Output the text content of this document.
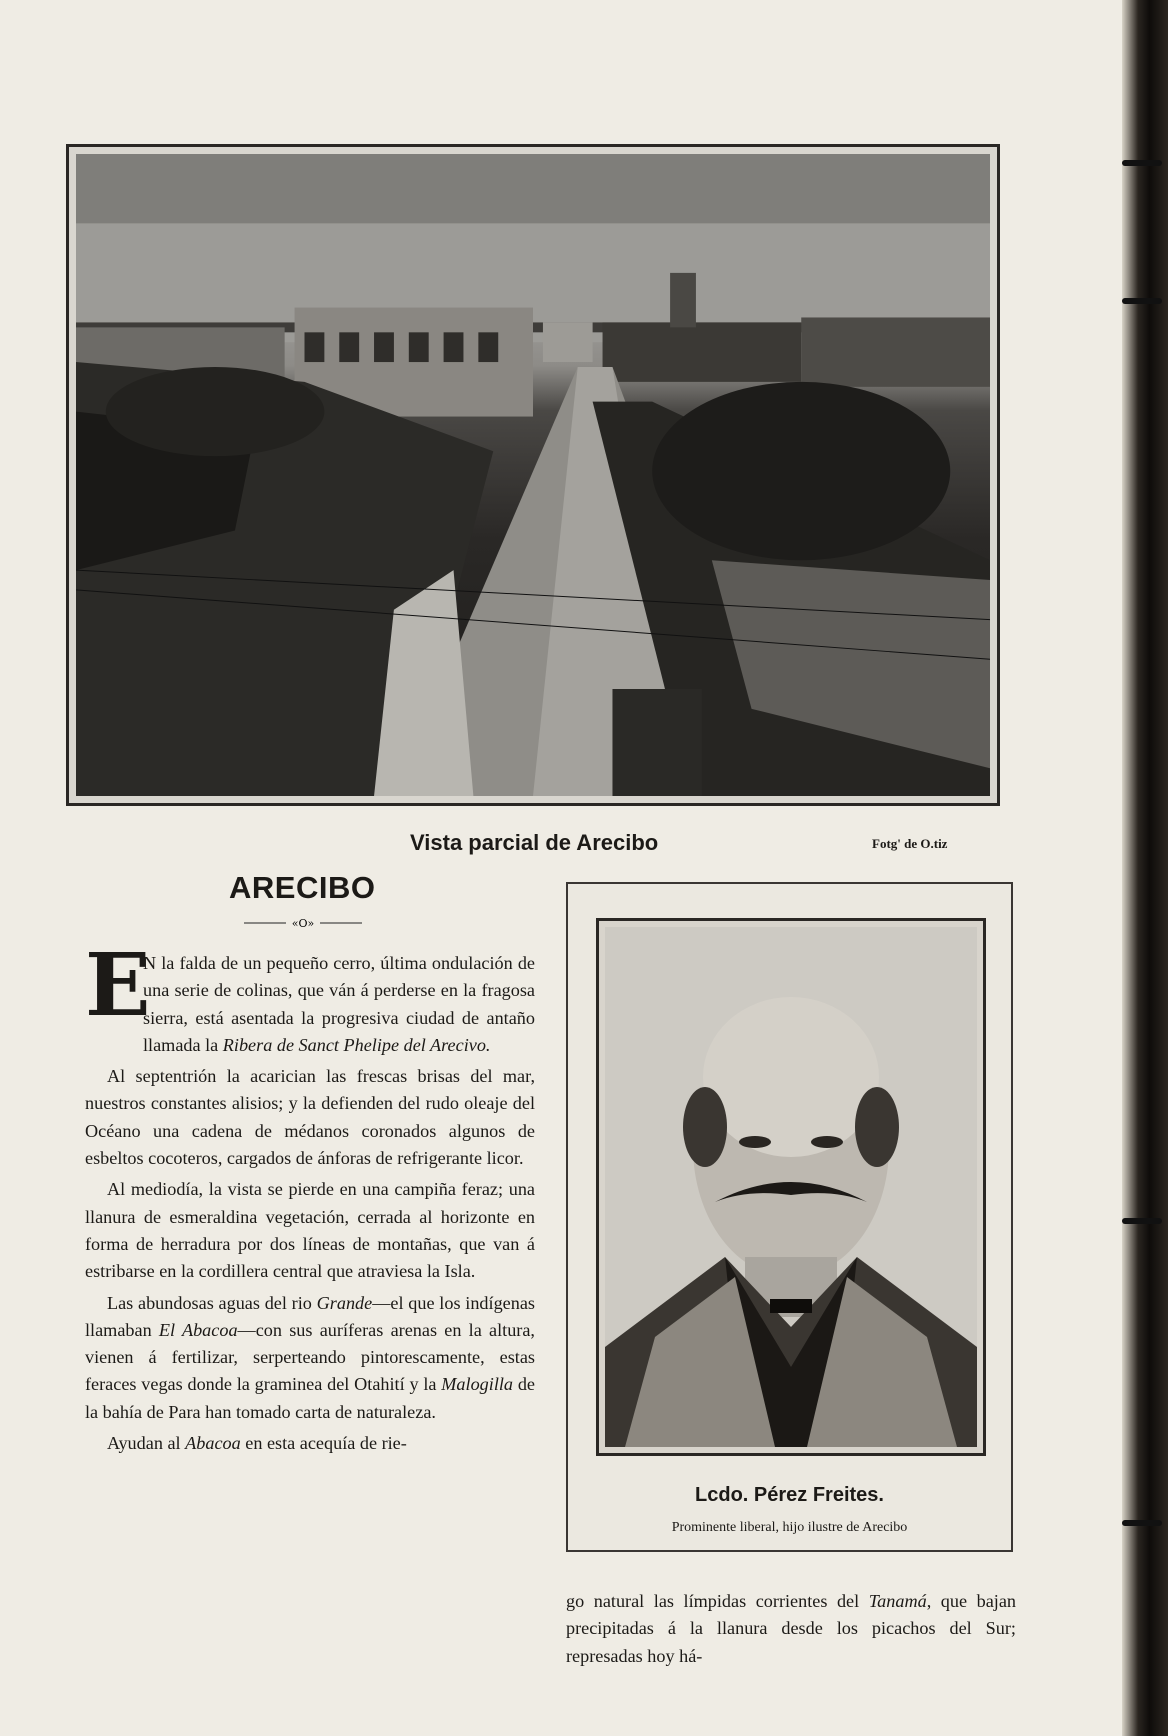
Vista parcial de Arecibo	Fotg' de O.tiz
ARECIBO
«O»

E
N la falda de un pequeño cerro, última ondulación de una serie de colinas, que ván á perderse en la fragosa sierra, está asentada la progresiva ciudad de antaño llamada la Ribera de Sanct Phelipe del Arecivo.

Al septentrión la acarician las frescas brisas del mar, nuestros constantes alisios; y la defienden del rudo oleaje del Océano una cadena de médanos coronados algunos de esbeltos cocoteros, cargados de ánforas de refrigerante licor.

Al mediodía, la vista se pierde en una campiña feraz; una llanura de esmeraldina vegetación, cerrada al horizonte en forma de herradura por dos líneas de montañas, que van á estribarse en la cordillera central que atraviesa la Isla.

Las abundosas aguas del rio Grande—el que los indígenas llamaban El Abacoa—con sus auríferas arenas en la altura, vienen á fertilizar, serperteando pintorescamente, estas feraces vegas donde la graminea del Otahití y la Malogilla de la bahía de Para han tomado carta de naturaleza.

Ayudan al Abacoa en esta acequía de rie-

Lcdo. Pérez Freites.
Prominente liberal, hijo ilustre de Arecibo

go natural las límpidas corrientes del Tanamá, que bajan precipitadas á la llanura desde los picachos del Sur; represadas hoy há-
